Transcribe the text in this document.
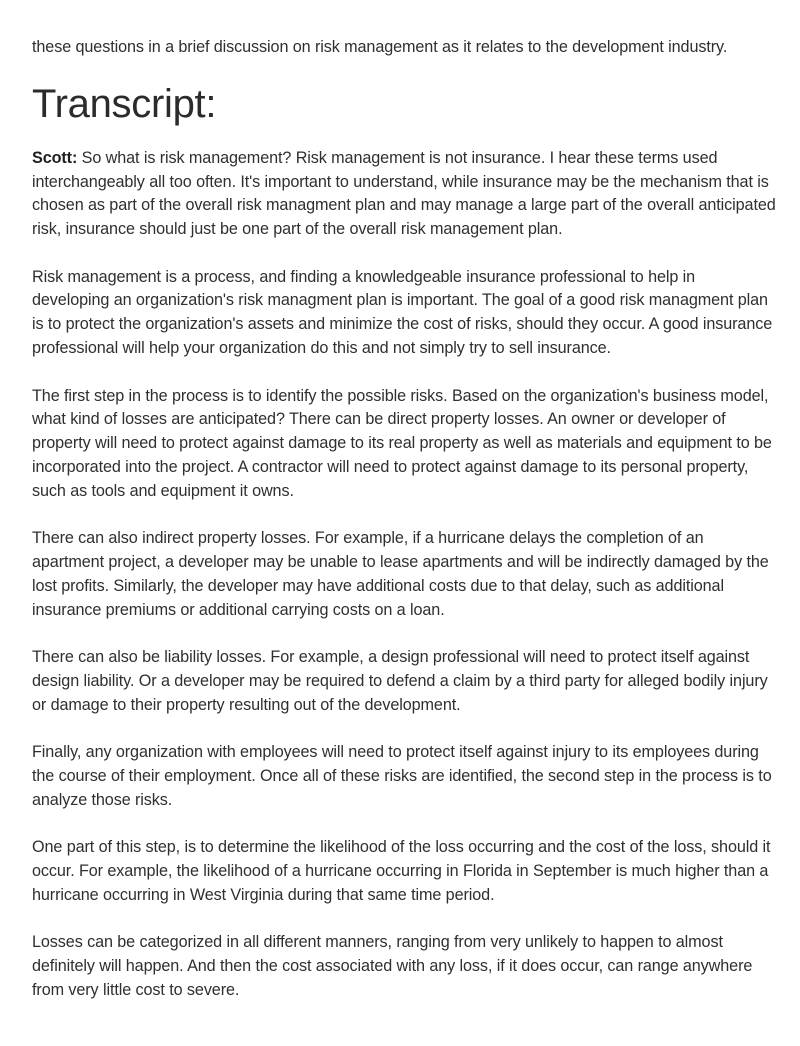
these questions in a brief discussion on risk management as it relates to the development industry.

Transcript:

Scott: So what is risk management? Risk management is not insurance. I hear these terms used interchangeably all too often. It's important to understand, while insurance may be the mechanism that is chosen as part of the overall risk managment plan and may manage a large part of the overall anticipated risk, insurance should just be one part of the overall risk management plan.

Risk management is a process, and finding a knowledgeable insurance professional to help in developing an organization's risk managment plan is important. The goal of a good risk managment plan is to protect the organization's assets and minimize the cost of risks, should they occur. A good insurance professional will help your organization do this and not simply try to sell insurance.

The first step in the process is to identify the possible risks. Based on the organization's business model, what kind of losses are anticipated? There can be direct property losses. An owner or developer of property will need to protect against damage to its real property as well as materials and equipment to be incorporated into the project. A contractor will need to protect against damage to its personal property, such as tools and equipment it owns.

There can also indirect property losses. For example, if a hurricane delays the completion of an apartment project, a developer may be unable to lease apartments and will be indirectly damaged by the lost profits. Similarly, the developer may have additional costs due to that delay, such as additional insurance premiums or additional carrying costs on a loan.

There can also be liability losses. For example, a design professional will need to protect itself against design liability. Or a developer may be required to defend a claim by a third party for alleged bodily injury or damage to their property resulting out of the development.

Finally, any organization with employees will need to protect itself against injury to its employees during the course of their employment. Once all of these risks are identified, the second step in the process is to analyze those risks.

One part of this step, is to determine the likelihood of the loss occurring and the cost of the loss, should it occur. For example, the likelihood of a hurricane occurring in Florida in September is much higher than a hurricane occurring in West Virginia during that same time period.

Losses can be categorized in all different manners, ranging from very unlikely to happen to almost definitely will happen. And then the cost associated with any loss, if it does occur, can range anywhere from very little cost to severe.
